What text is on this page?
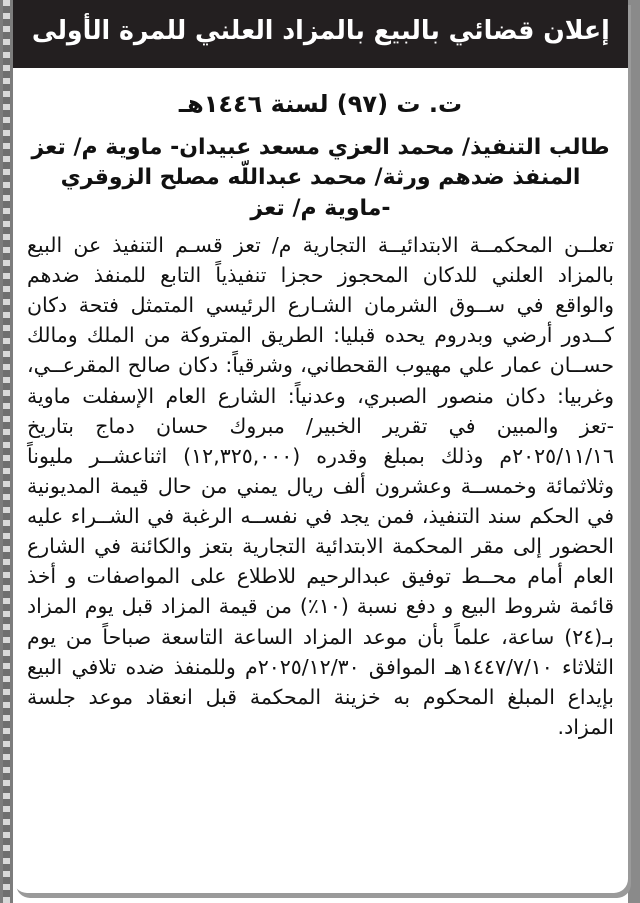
إعلان قضائي بالبيع بالمزاد العلني للمرة الأولى
ت. ت (٩٧) لسنة ١٤٤٦هـ
طالب التنفيذ/ محمد العزي مسعد عبيدان- ماوية م/ تعز
المنفذ ضدهم ورثة/ محمد عبداللّه مصلح الزوقري
-ماوية م/ تعز
تعلــن المحكمــة الابتدائيــة التجارية م/ تعز قسـم التنفيذ عن البيع بالمزاد العلني للدكان المحجوز حجزا تنفيذياً التابع للمنفذ ضدهم والواقع في ســوق الشرمان الشـارع الرئيسي المتمثل فتحة دكان كــدور أرضي وبدروم يحده قبليا: الطريق المتروكة من الملك ومالك حســان عمار علي مهيوب القحطاني، وشرقياً: دكان صالح المقرعــي، وغربيا: دكان منصور الصبري، وعدنياً: الشارع العام الإسفلت ماوية -تعز والمبين في تقرير الخبير/ مبروك حسان دماج بتاريخ ٢٠٢٥/١١/١٦م وذلك بمبلغ وقدره (١٢,٣٢٥,٠٠٠) اثناعشــر مليوناً وثلاثمائة وخمســة وعشرون ألف ريال يمني من حال قيمة المديونية في الحكم سند التنفيذ، فمن يجد في نفســه الرغبة في الشــراء عليه الحضور إلى مقر المحكمة الابتدائية التجارية بتعز والكائنة في الشارع العام أمام محــط توفيق عبدالرحيم للاطلاع على المواصفات و أخذ قائمة شروط البيع و دفع نسبة (١٠٪) من قيمة المزاد قبل يوم المزاد بـ(٢٤) ساعة، علماً بأن موعد المزاد الساعة التاسعة صباحاً من يوم الثلاثاء ١٤٤٧/٧/١٠هـ الموافق ٢٠٢٥/١٢/٣٠م وللمنفذ ضده تلافي البيع بإيداع المبلغ المحكوم به خزينة المحكمة قبل انعقاد موعد جلسة المزاد.
